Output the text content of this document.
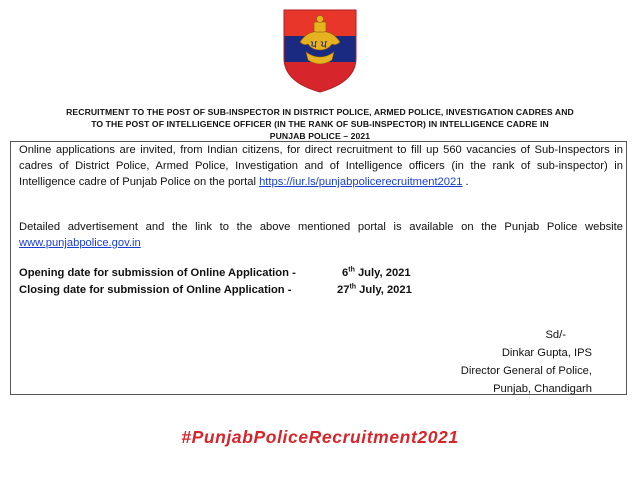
ਪ ਪ
RECRUITMENT TO THE POST OF SUB-INSPECTOR IN DISTRICT POLICE, ARMED POLICE, INVESTIGATION CADRES AND
TO THE POST OF INTELLIGENCE OFFICER (IN THE RANK OF SUB-INSPECTOR) IN INTELLIGENCE CADRE IN
PUNJAB POLICE – 2021

Online applications are invited, from Indian citizens, for direct recruitment to fill up 560 vacancies of Sub-Inspectors in cadres of District Police, Armed Police, Investigation and of Intelligence officers (in the rank of sub-inspector) in Intelligence cadre of Punjab Police on the portal https://iur.ls/punjabpolicerecruitment2021 .

Detailed advertisement and the link to the above mentioned portal is available on the Punjab Police website www.punjabpolice.gov.in

Opening date for submission of Online Application -	6th July, 2021
Closing date for submission of Online Application -	27th July, 2021
Sd/-
Dinkar Gupta, IPS
Director General of Police,
Punjab, Chandigarh
#PunjabPoliceRecruitment2021
